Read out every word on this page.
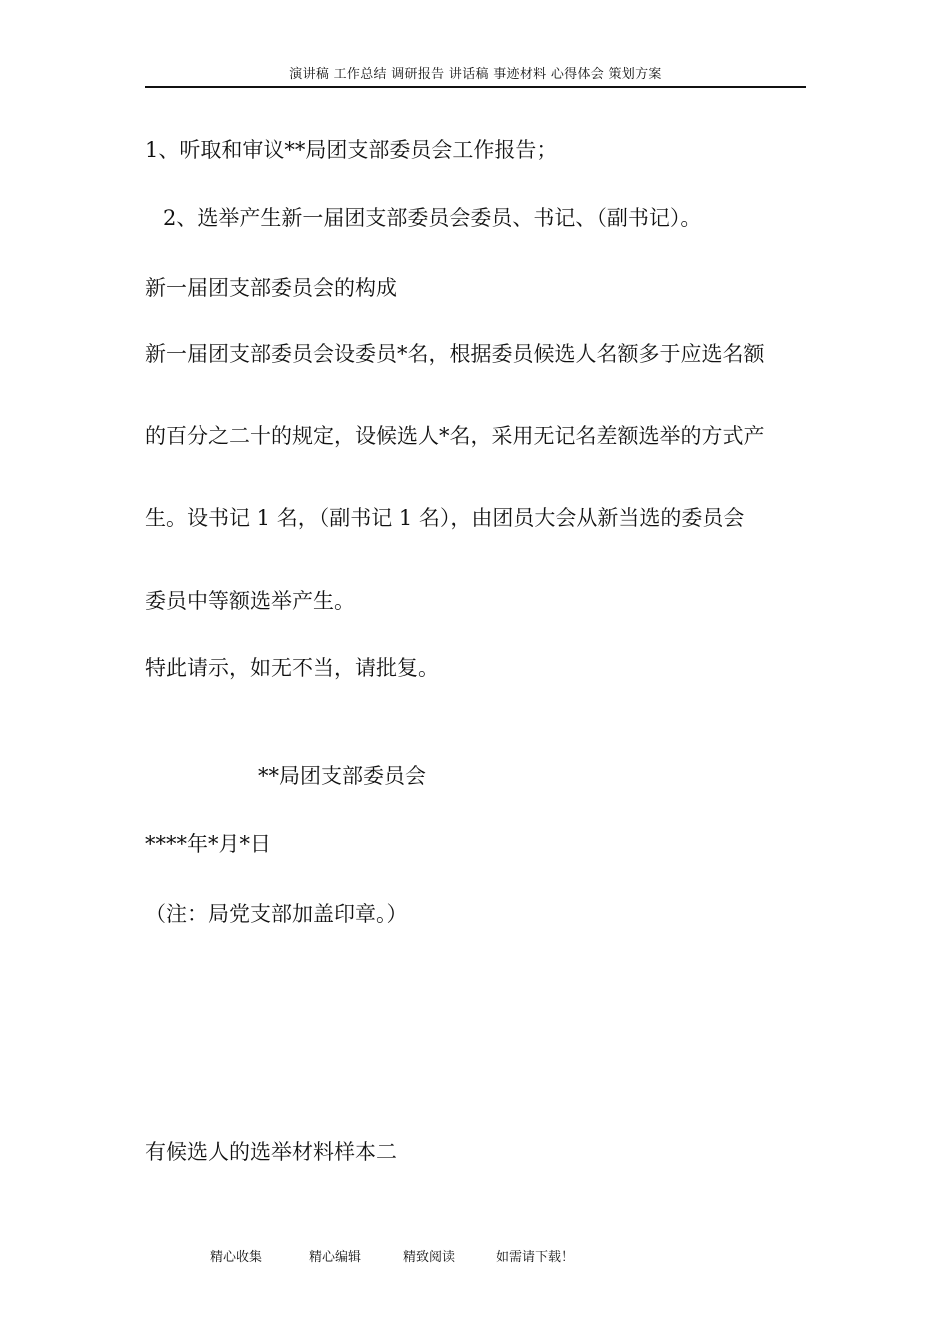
演讲稿 工作总结 调研报告 讲话稿 事迹材料 心得体会 策划方案
1、听取和审议**局团支部委员会工作报告；
2、选举产生新一届团支部委员会委员、书记、（副书记）。
新一届团支部委员会的构成
新一届团支部委员会设委员*名，根据委员候选人名额多于应选名额
的百分之二十的规定，设候选人*名，采用无记名差额选举的方式产
生。设书记 1 名，（副书记 1 名），由团员大会从新当选的委员会
委员中等额选举产生。
特此请示，如无不当，请批复。
**局团支部委员会
****年*月*日
（注：局党支部加盖印章。）
有候选人的选举材料样本二
精心收集	精心编辑	精致阅读	如需请下载！
